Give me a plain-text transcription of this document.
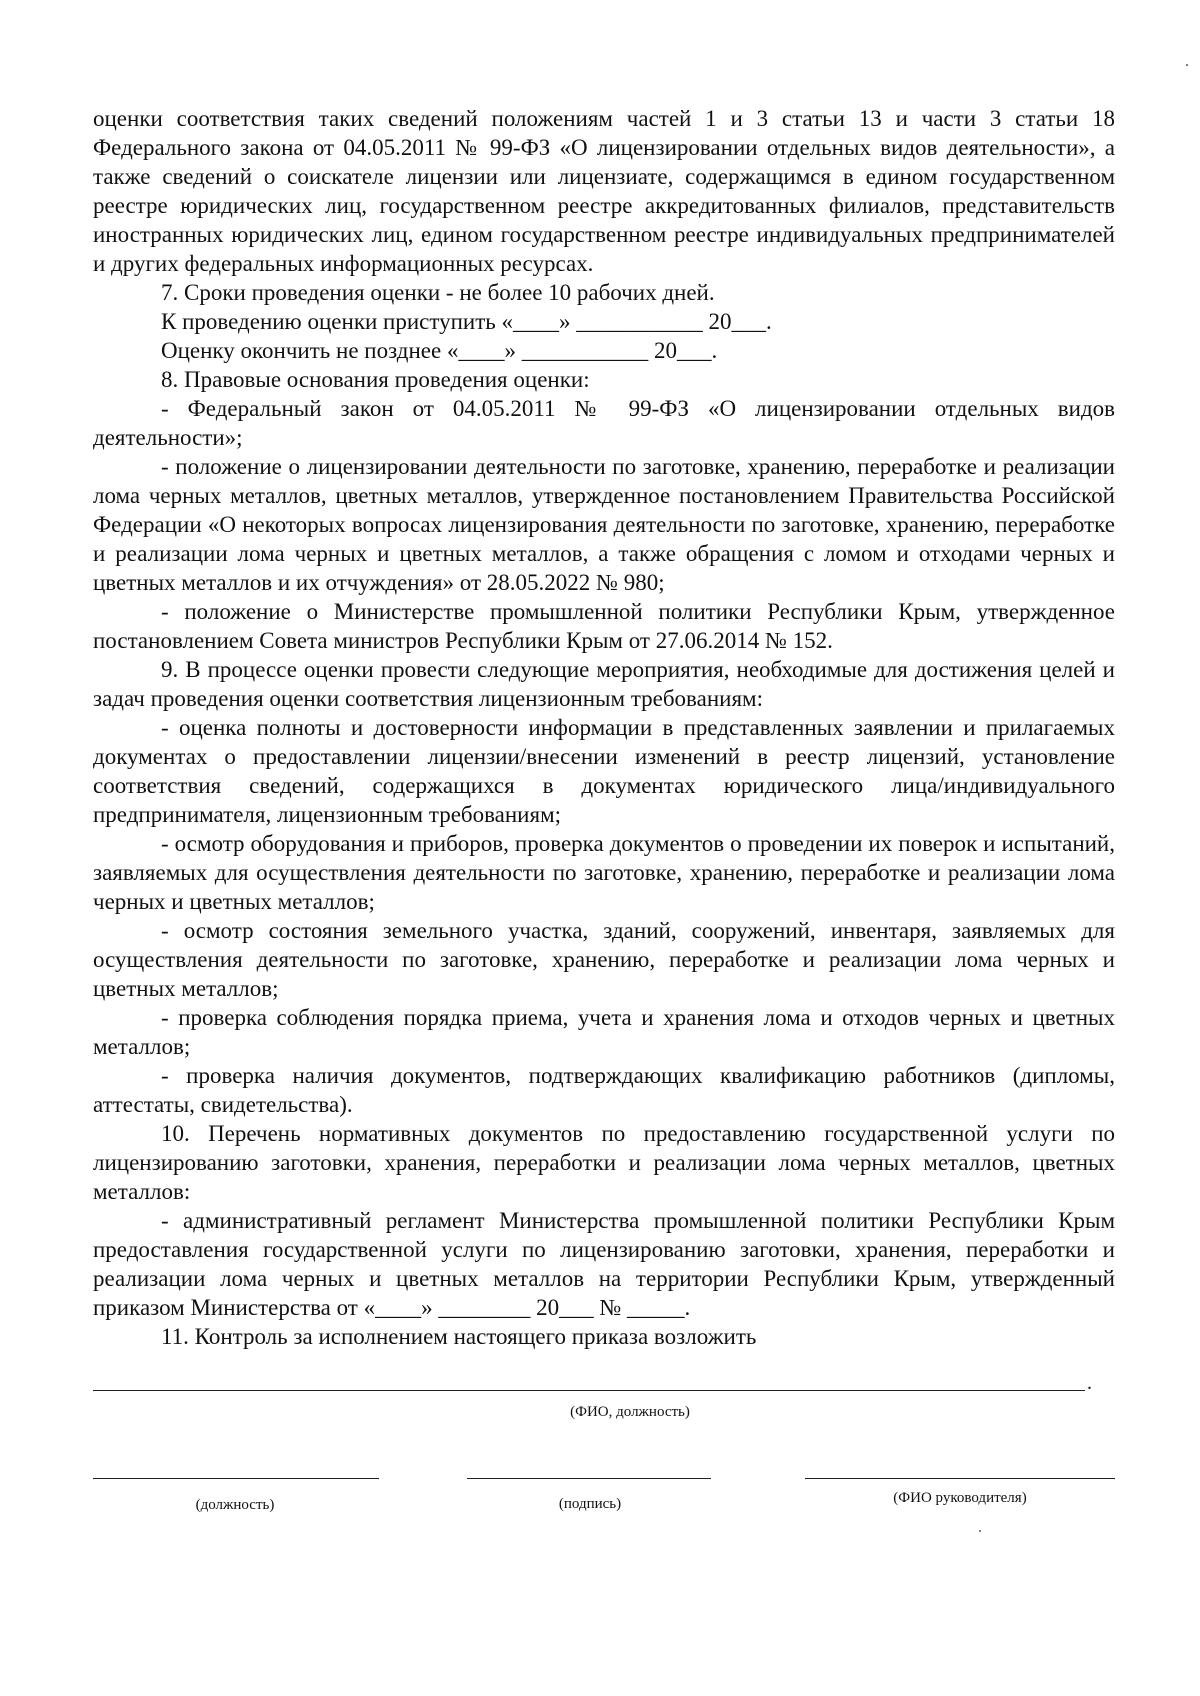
оценки соответствия таких сведений положениям частей 1 и 3 статьи 13 и части 3 статьи 18 Федерального закона от 04.05.2011 № 99-ФЗ «О лицензировании отдельных видов деятельности», а также сведений о соискателе лицензии или лицензиате, содержащимся в едином государственном реестре юридических лиц, государственном реестре аккредитованных филиалов, представительств иностранных юридических лиц, едином государственном реестре индивидуальных предпринимателей и других федеральных информационных ресурсах.

7. Сроки проведения оценки - не более 10 рабочих дней.

К проведению оценки приступить «____» ___________ 20___.

Оценку окончить не позднее «____» ___________ 20___.

8. Правовые основания проведения оценки:

- Федеральный закон от 04.05.2011 № 99-ФЗ «О лицензировании отдельных видов деятельности»;

- положение о лицензировании деятельности по заготовке, хранению, переработке и реализации лома черных металлов, цветных металлов, утвержденное постановлением Правительства Российской Федерации «О некоторых вопросах лицензирования деятельности по заготовке, хранению, переработке и реализации лома черных и цветных металлов, а также обращения с ломом и отходами черных и цветных металлов и их отчуждения» от 28.05.2022 № 980;

- положение о Министерстве промышленной политики Республики Крым, утвержденное постановлением Совета министров Республики Крым от 27.06.2014 № 152.

9. В процессе оценки провести следующие мероприятия, необходимые для достижения целей и задач проведения оценки соответствия лицензионным требованиям:

- оценка полноты и достоверности информации в представленных заявлении и прилагаемых документах о предоставлении лицензии/внесении изменений в реестр лицензий, установление соответствия сведений, содержащихся в документах юридического лица/индивидуального предпринимателя, лицензионным требованиям;

- осмотр оборудования и приборов, проверка документов о проведении их поверок и испытаний, заявляемых для осуществления деятельности по заготовке, хранению, переработке и реализации лома черных и цветных металлов;

- осмотр состояния земельного участка, зданий, сооружений, инвентаря, заявляемых для осуществления деятельности по заготовке, хранению, переработке и реализации лома черных и цветных металлов;

- проверка соблюдения порядка приема, учета и хранения лома и отходов черных и цветных металлов;

- проверка наличия документов, подтверждающих квалификацию работников (дипломы, аттестаты, свидетельства).

10. Перечень нормативных документов по предоставлению государственной услуги по лицензированию заготовки, хранения, переработки и реализации лома черных металлов, цветных металлов:

- административный регламент Министерства промышленной политики Республики Крым предоставления государственной услуги по лицензированию заготовки, хранения, переработки и реализации лома черных и цветных металлов на территории Республики Крым, утвержденный приказом Министерства от «____» ________ 20___ № _____.

11. Контроль за исполнением настоящего приказа возложить

.
(ФИО, должность)
(должность)	(подпись)	(ФИО руководителя)
